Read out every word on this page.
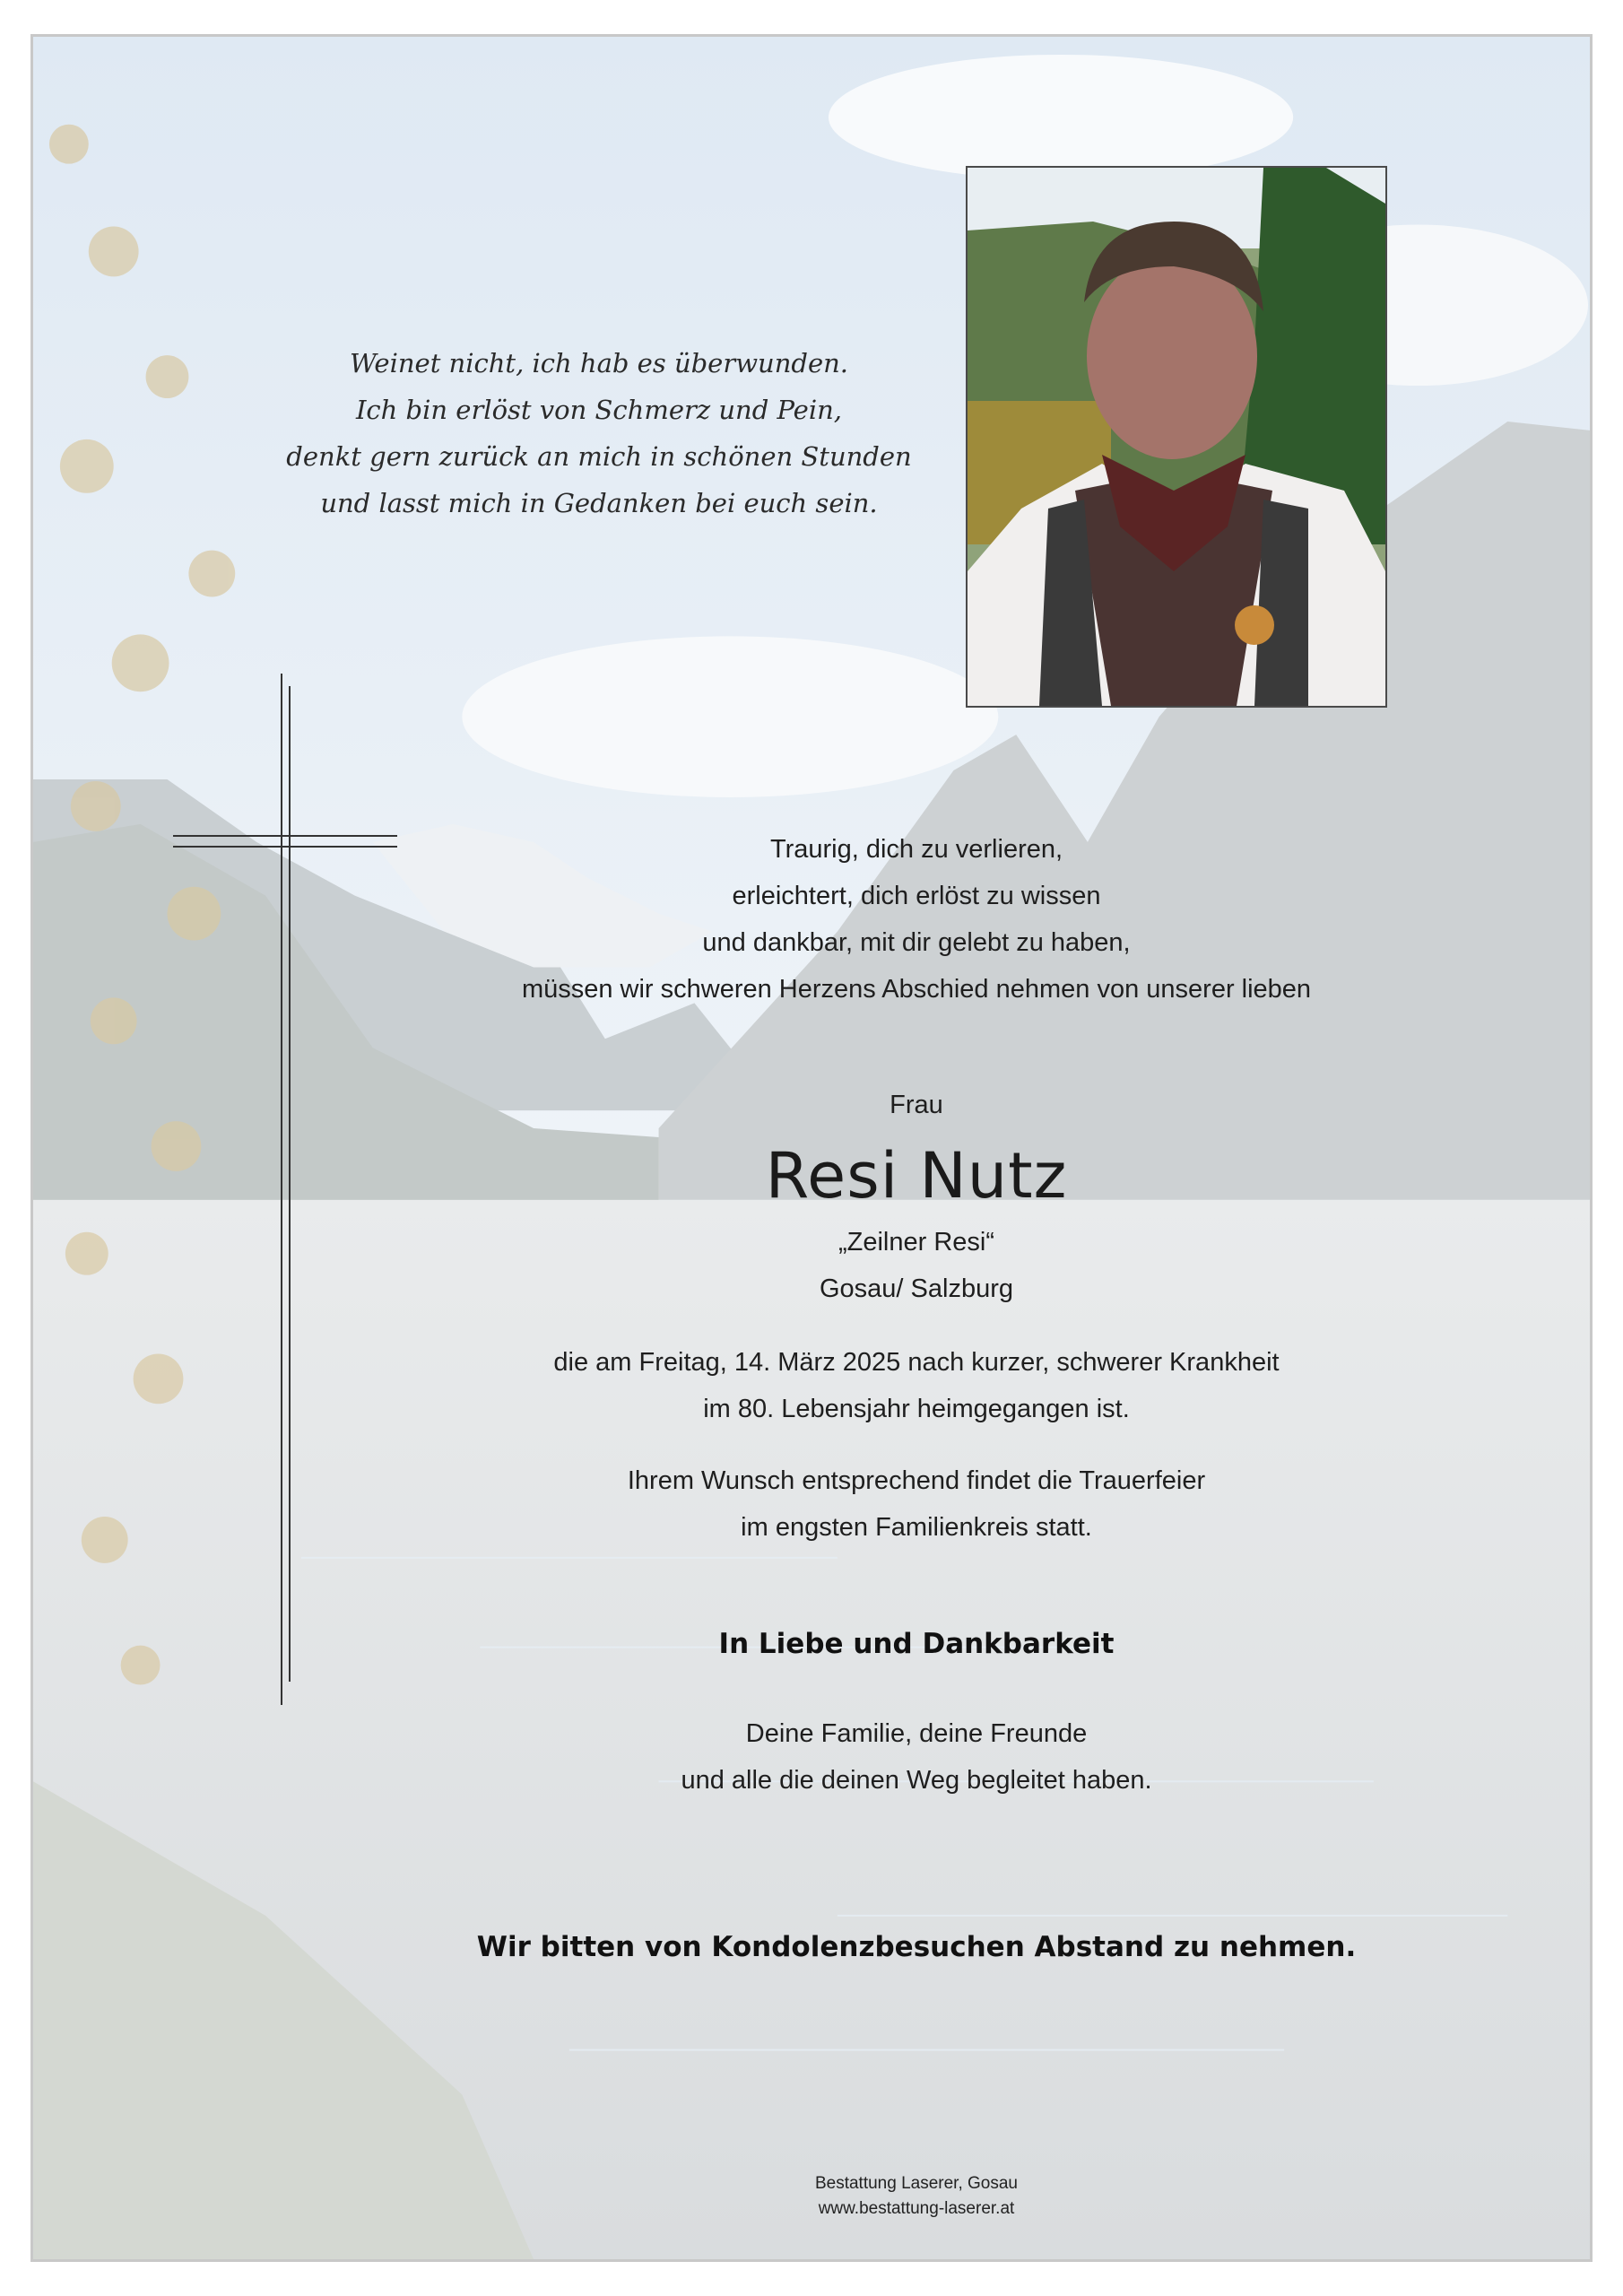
Weinet nicht, ich hab es überwunden.
Ich bin erlöst von Schmerz und Pein,
denkt gern zurück an mich in schönen Stunden
und lasst mich in Gedanken bei euch sein.
Traurig, dich zu verlieren,
erleichtert, dich erlöst zu wissen
und dankbar, mit dir gelebt zu haben,
müssen wir schweren Herzens Abschied nehmen von unserer lieben
Frau
Resi Nutz
„Zeilner Resi“
Gosau/ Salzburg
die am Freitag, 14. März 2025 nach kurzer, schwerer Krankheit
im 80. Lebensjahr heimgegangen ist.
Ihrem Wunsch entsprechend findet die Trauerfeier
im engsten Familienkreis statt.
In Liebe und Dankbarkeit
Deine Familie, deine Freunde
und alle die deinen Weg begleitet haben.
Wir bitten von Kondolenzbesuchen Abstand zu nehmen.
Bestattung Laserer, Gosau
www.bestattung-laserer.at
